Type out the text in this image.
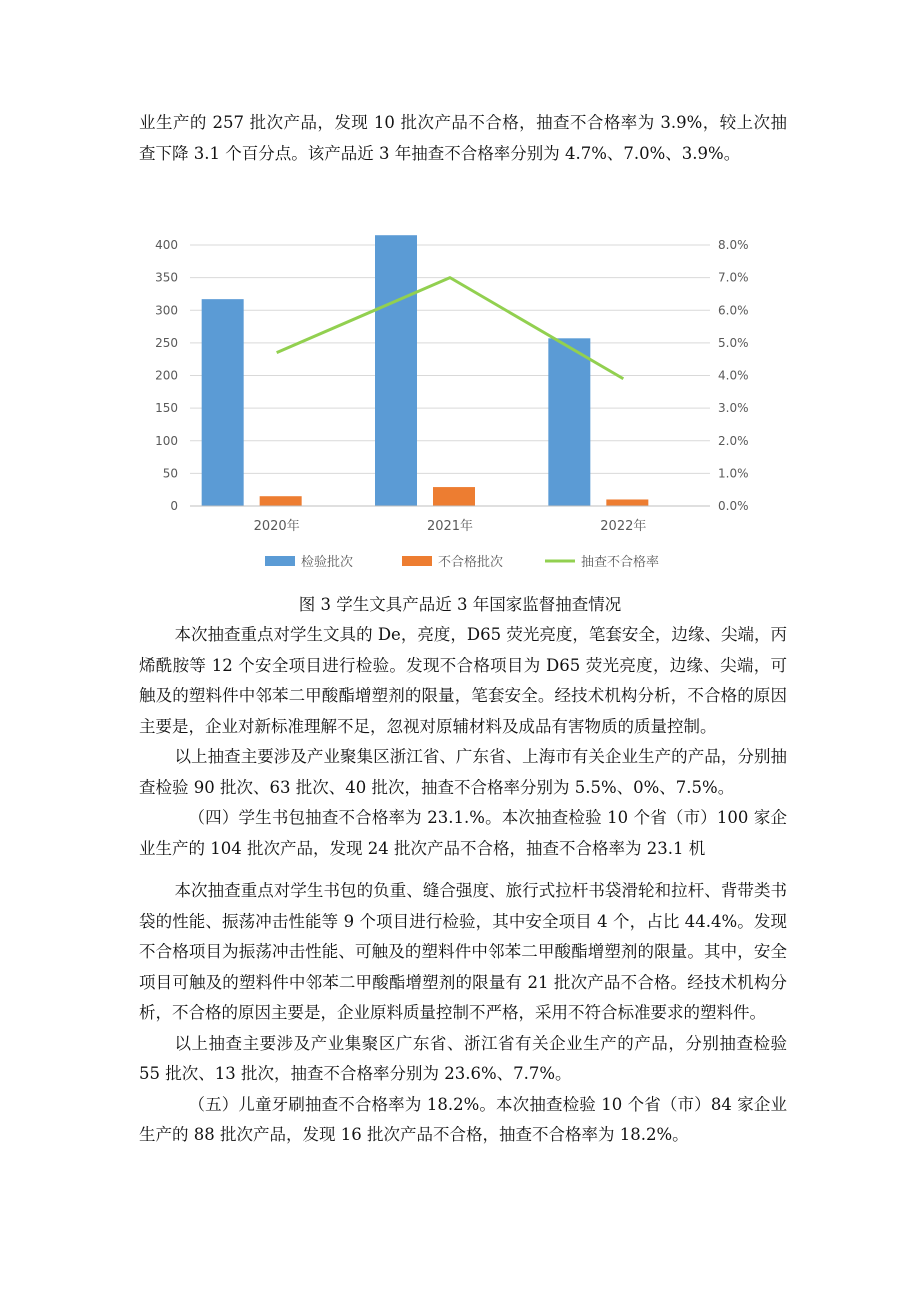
业生产的 257 批次产品，发现 10 批次产品不合格，抽查不合格率为 3.9%，较上次抽查下降 3.1 个百分点。该产品近 3 年抽查不合格率分别为 4.7%、7.0%、3.9%。

0
50
100
150
200
250
300
350
400
0.0%
1.0%
2.0%
3.0%
4.0%
5.0%
6.0%
7.0%
8.0%
2020年	2021年	2022年
检验批次	不合格批次	抽查不合格率
图 3 学生文具产品近 3 年国家监督抽查情况

本次抽查重点对学生文具的 De，亮度，D65 荧光亮度，笔套安全，边缘、尖端，丙烯酰胺等 12 个安全项目进行检验。发现不合格项目为 D65 荧光亮度，边缘、尖端，可触及的塑料件中邻苯二甲酸酯增塑剂的限量，笔套安全。经技术机构分析，不合格的原因主要是，企业对新标准理解不足，忽视对原辅材料及成品有害物质的质量控制。

以上抽查主要涉及产业聚集区浙江省、广东省、上海市有关企业生产的产品，分别抽查检验 90 批次、63 批次、40 批次，抽查不合格率分别为 5.5%、0%、7.5%。

（四）学生书包抽查不合格率为 23.1.%。本次抽查检验 10 个省（市）100 家企业生产的 104 批次产品，发现 24 批次产品不合格，抽查不合格率为 23.1 机

本次抽查重点对学生书包的负重、缝合强度、旅行式拉杆书袋滑轮和拉杆、背带类书袋的性能、振荡冲击性能等 9 个项目进行检验，其中安全项目 4 个，占比 44.4%。发现不合格项目为振荡冲击性能、可触及的塑料件中邻苯二甲酸酯增塑剂的限量。其中，安全项目可触及的塑料件中邻苯二甲酸酯增塑剂的限量有 21 批次产品不合格。经技术机构分析，不合格的原因主要是，企业原料质量控制不严格，采用不符合标准要求的塑料件。

以上抽查主要涉及产业集聚区广东省、浙江省有关企业生产的产品，分别抽查检验 55 批次、13 批次，抽查不合格率分别为 23.6%、7.7%。

（五）儿童牙刷抽查不合格率为 18.2%。本次抽查检验 10 个省（市）84 家企业生产的 88 批次产品，发现 16 批次产品不合格，抽查不合格率为 18.2%。
